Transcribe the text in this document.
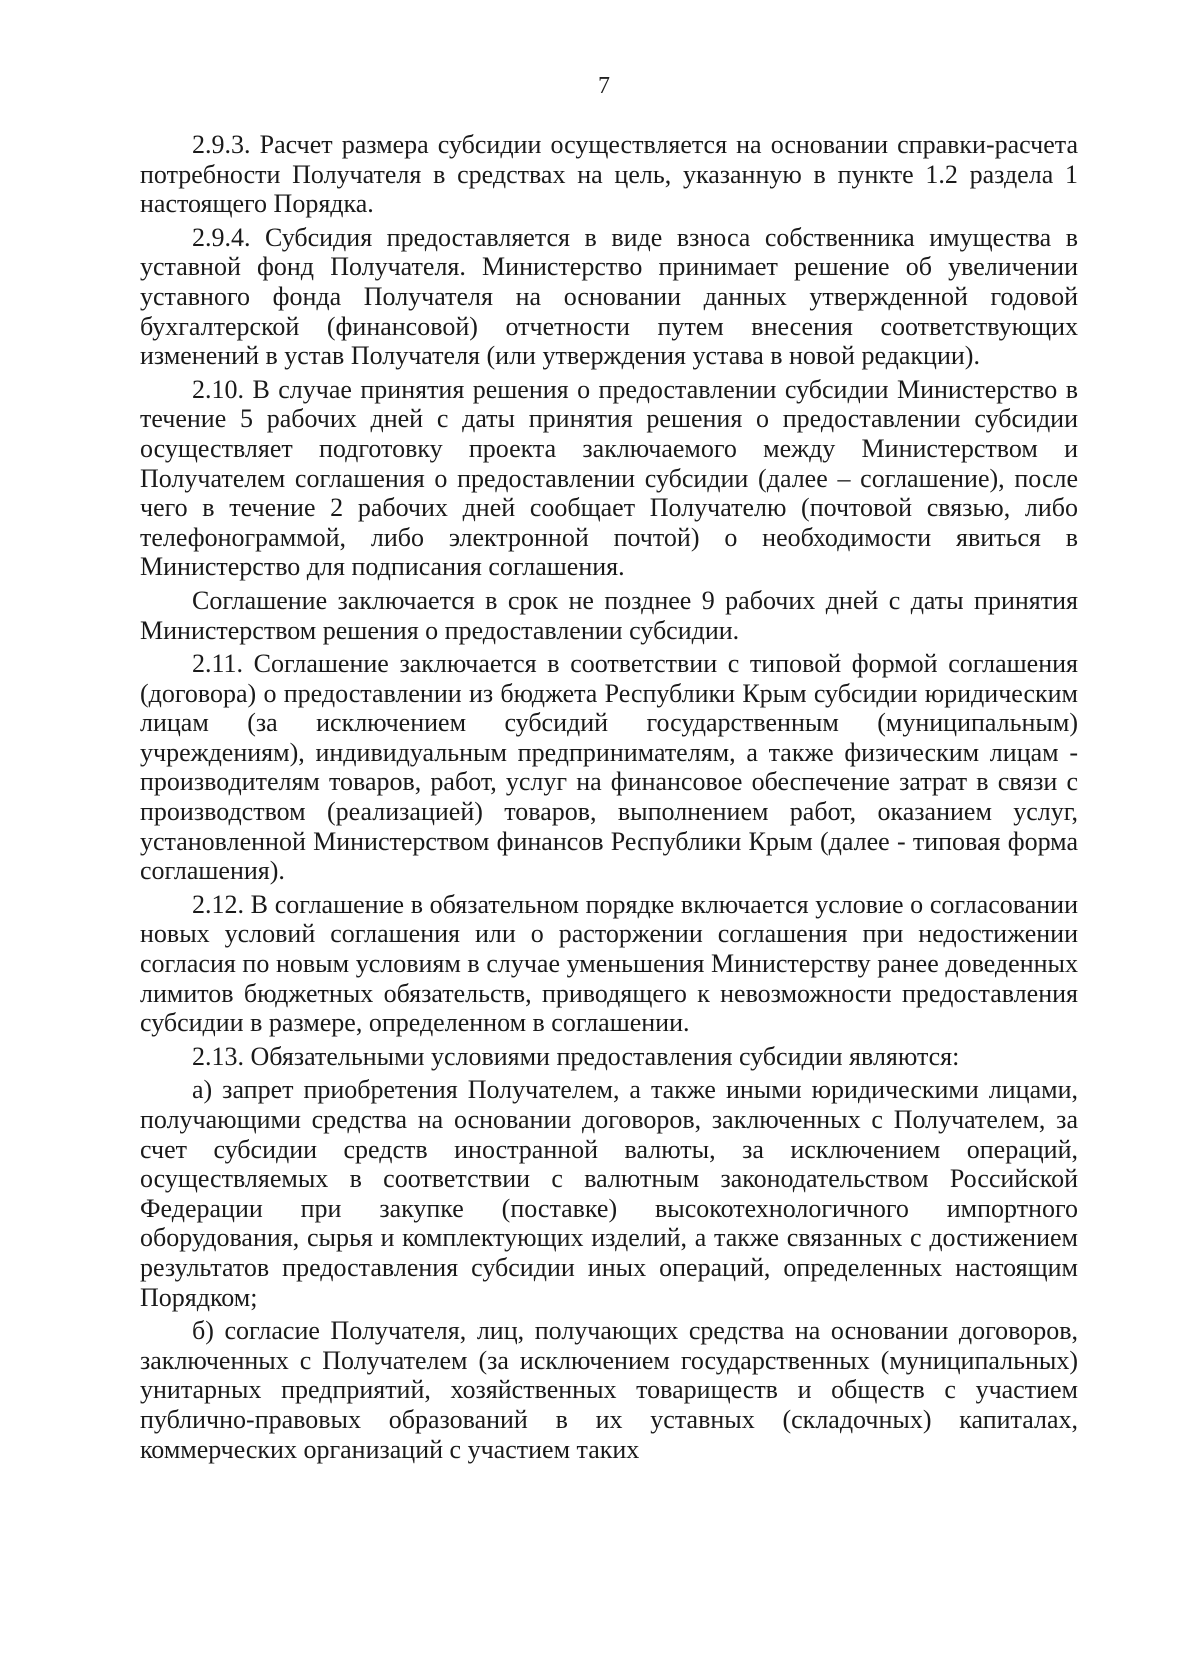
7

2.9.3. Расчет размера субсидии осуществляется на основании справки-расчета потребности Получателя в средствах на цель, указанную в пункте 1.2 раздела 1 настоящего Порядка.

2.9.4. Субсидия предоставляется в виде взноса собственника имущества в уставной фонд Получателя. Министерство принимает решение об увеличении уставного фонда Получателя на основании данных утвержденной годовой бухгалтерской (финансовой) отчетности путем внесения соответствующих изменений в устав Получателя (или утверждения устава в новой редакции).

2.10. В случае принятия решения о предоставлении субсидии Министерство в течение 5 рабочих дней с даты принятия решения о предоставлении субсидии осуществляет подготовку проекта заключаемого между Министерством и Получателем соглашения о предоставлении субсидии (далее – соглашение), после чего в течение 2 рабочих дней сообщает Получателю (почтовой связью, либо телефонограммой, либо электронной почтой) о необходимости явиться в Министерство для подписания соглашения.

Соглашение заключается в срок не позднее 9 рабочих дней с даты принятия Министерством решения о предоставлении субсидии.

2.11. Соглашение заключается в соответствии с типовой формой соглашения (договора) о предоставлении из бюджета Республики Крым субсидии юридическим лицам (за исключением субсидий государственным (муниципальным) учреждениям), индивидуальным предпринимателям, а также физическим лицам - производителям товаров, работ, услуг на финансовое обеспечение затрат в связи с производством (реализацией) товаров, выполнением работ, оказанием услуг, установленной Министерством финансов Республики Крым (далее - типовая форма соглашения).

2.12. В соглашение в обязательном порядке включается условие о согласовании новых условий соглашения или о расторжении соглашения при недостижении согласия по новым условиям в случае уменьшения Министерству ранее доведенных лимитов бюджетных обязательств, приводящего к невозможности предоставления субсидии в размере, определенном в соглашении.

2.13. Обязательными условиями предоставления субсидии являются:

а) запрет приобретения Получателем, а также иными юридическими лицами, получающими средства на основании договоров, заключенных с Получателем, за счет субсидии средств иностранной валюты, за исключением операций, осуществляемых в соответствии с валютным законодательством Российской Федерации при закупке (поставке) высокотехнологичного импортного оборудования, сырья и комплектующих изделий, а также связанных с достижением результатов предоставления субсидии иных операций, определенных настоящим Порядком;

б) согласие Получателя, лиц, получающих средства на основании договоров, заключенных с Получателем (за исключением государственных (муниципальных) унитарных предприятий, хозяйственных товариществ и обществ с участием публично-правовых образований в их уставных (складочных) капиталах, коммерческих организаций с участием таких
